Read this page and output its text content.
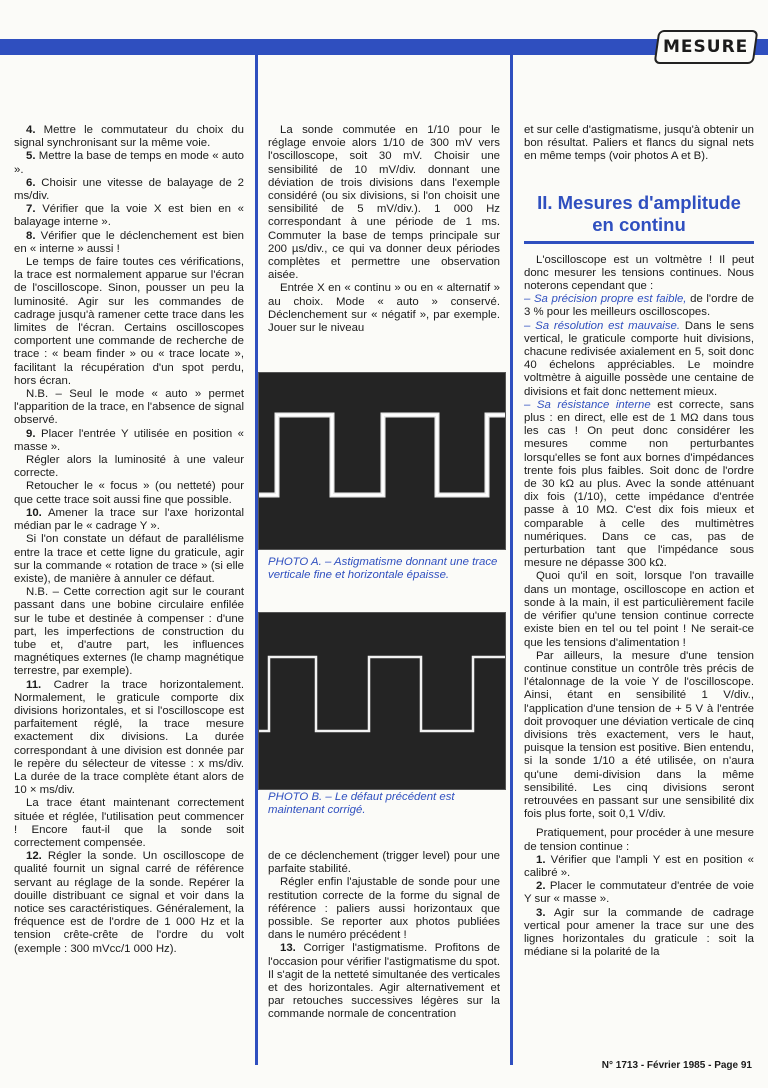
MESURE

4. Mettre le commutateur du choix du signal synchronisant sur la même voie.

5. Mettre la base de temps en mode « auto ».

6. Choisir une vitesse de balayage de 2 ms/div.

7. Vérifier que la voie X est bien en « balayage interne ».

8. Vérifier que le déclenchement est bien en « interne » aussi !

Le temps de faire toutes ces vérifications, la trace est normalement apparue sur l'écran de l'oscilloscope. Sinon, pousser un peu la luminosité. Agir sur les commandes de cadrage jusqu'à ramener cette trace dans les limites de l'écran. Certains oscilloscopes comportent une commande de recherche de trace : « beam finder » ou « trace locate », facilitant la récupération d'un spot perdu, hors écran.

N.B. – Seul le mode « auto » permet l'apparition de la trace, en l'absence de signal observé.

9. Placer l'entrée Y utilisée en position « masse ».

Régler alors la luminosité à une valeur correcte.

Retoucher le « focus » (ou netteté) pour que cette trace soit aussi fine que possible.

10. Amener la trace sur l'axe horizontal médian par le « cadrage Y ».

Si l'on constate un défaut de parallélisme entre la trace et cette ligne du graticule, agir sur la commande « rotation de trace » (si elle existe), de manière à annuler ce défaut.

N.B. – Cette correction agit sur le courant passant dans une bobine circulaire enfilée sur le tube et destinée à compenser : d'une part, les imperfections de construction du tube et, d'autre part, les influences magnétiques externes (le champ magnétique terrestre, par exemple).

11. Cadrer la trace horizontalement. Normalement, le graticule comporte dix divisions horizontales, et si l'oscilloscope est parfaitement réglé, la trace mesure exactement dix divisions. La durée correspondant à une division est donnée par le repère du sélecteur de vitesse : x ms/div. La durée de la trace complète étant alors de 10 × ms/div.

La trace étant maintenant correctement située et réglée, l'utilisation peut commencer ! Encore faut-il que la sonde soit correctement compensée.

12. Régler la sonde. Un oscilloscope de qualité fournit un signal carré de référence servant au réglage de la sonde. Repérer la douille distribuant ce signal et voir dans la notice ses caractéristiques. Généralement, la fréquence est de l'ordre de 1 000 Hz et la tension crête-crête de l'ordre du volt (exemple : 300 mVcc/1 000 Hz).

La sonde commutée en 1/10 pour le réglage envoie alors 1/10 de 300 mV vers l'oscilloscope, soit 30 mV. Choisir une sensibilité de 10 mV/div. donnant une déviation de trois divisions dans l'exemple considéré (ou six divisions, si l'on choisit une sensibilité de 5 mV/div.). 1 000 Hz correspondant à une période de 1 ms. Commuter la base de temps principale sur 200 µs/div., ce qui va donner deux périodes complètes et permettre une observation aisée.

Entrée X en « continu » ou en « alternatif » au choix. Mode « auto » conservé. Déclenchement sur « négatif », par exemple. Jouer sur le niveau

PHOTO A. – Astigmatisme donnant une trace verticale fine et horizontale épaisse.
PHOTO B. – Le défaut précédent est maintenant corrigé.

de ce déclenchement (trigger level) pour une parfaite stabilité.

Régler enfin l'ajustable de sonde pour une restitution correcte de la forme du signal de référence : paliers aussi horizontaux que possible. Se reporter aux photos publiées dans le numéro précédent !

13. Corriger l'astigmatisme. Profitons de l'occasion pour vérifier l'astigmatisme du spot. Il s'agit de la netteté simultanée des verticales et des horizontales. Agir alternativement et par retouches successives légères sur la commande normale de concentration

et sur celle d'astigmatisme, jusqu'à obtenir un bon résultat. Paliers et flancs du signal nets en même temps (voir photos A et B).

II. Mesures d'amplitude en continu

L'oscilloscope est un voltmètre ! Il peut donc mesurer les tensions continues. Nous noterons cependant que :

– Sa précision propre est faible, de l'ordre de 3 % pour les meilleurs oscilloscopes.

– Sa résolution est mauvaise. Dans le sens vertical, le graticule comporte huit divisions, chacune redivisée axialement en 5, soit donc 40 échelons appréciables. Le moindre voltmètre à aiguille possède une centaine de divisions et fait donc nettement mieux.

– Sa résistance interne est correcte, sans plus : en direct, elle est de 1 MΩ dans tous les cas ! On peut donc considérer les mesures comme non perturbantes lorsqu'elles se font aux bornes d'impédances trente fois plus faibles. Soit donc de l'ordre de 30 kΩ au plus. Avec la sonde atténuant dix fois (1/10), cette impédance d'entrée passe à 10 MΩ. C'est dix fois mieux et comparable à celle des multimètres numériques. Dans ce cas, pas de perturbation tant que l'impédance sous mesure ne dépasse 300 kΩ.

Quoi qu'il en soit, lorsque l'on travaille dans un montage, oscilloscope en action et sonde à la main, il est particulièrement facile de vérifier qu'une tension continue correcte existe bien en tel ou tel point ! Ne serait-ce que les tensions d'alimentation !

Par ailleurs, la mesure d'une tension continue constitue un contrôle très précis de l'étalonnage de la voie Y de l'oscilloscope. Ainsi, étant en sensibilité 1 V/div., l'application d'une tension de + 5 V à l'entrée doit provoquer une déviation verticale de cinq divisions très exactement, vers le haut, puisque la tension est positive. Bien entendu, si la sonde 1/10 a été utilisée, on n'aura qu'une demi-division dans la même sensibilité. Les cinq divisions seront retrouvées en passant sur une sensibilité dix fois plus forte, soit 0,1 V/div.

Pratiquement, pour procéder à une mesure de tension continue :

1. Vérifier que l'ampli Y est en position « calibré ».

2. Placer le commutateur d'entrée de voie Y sur « masse ».

3. Agir sur la commande de cadrage vertical pour amener la trace sur une des lignes horizontales du graticule : soit la médiane si la polarité de la

N° 1713 - Février 1985 - Page 91
